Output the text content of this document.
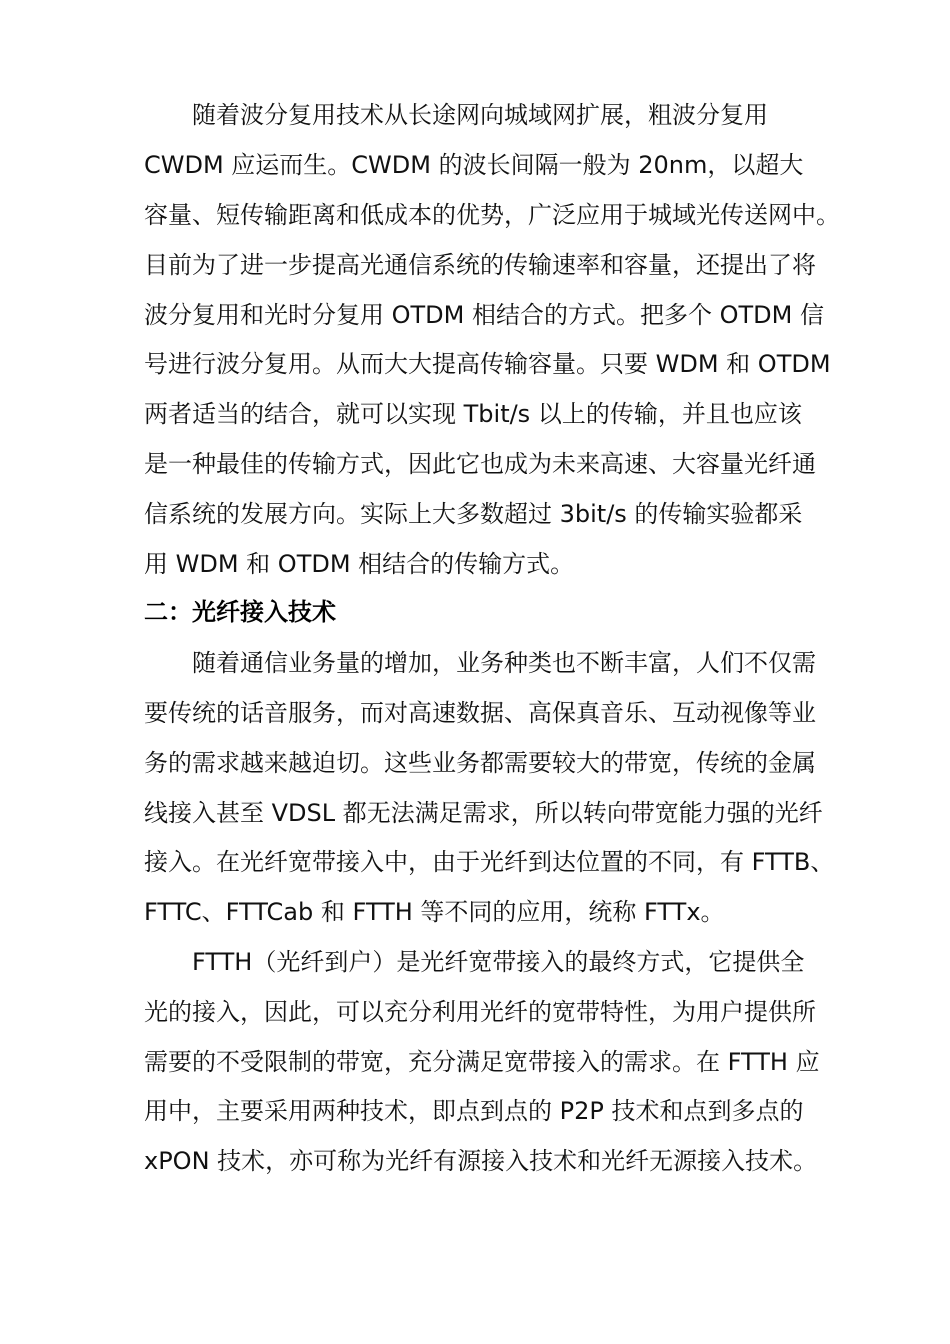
随着波分复用技术从长途网向城域网扩展，粗波分复用
CWDM 应运而生。CWDM 的波长间隔一般为 20nm，以超大
容量、短传输距离和低成本的优势，广泛应用于城域光传送网中。
目前为了进一步提高光通信系统的传输速率和容量，还提出了将
波分复用和光时分复用 OTDM 相结合的方式。把多个 OTDM 信
号进行波分复用。从而大大提高传输容量。只要 WDM 和 OTDM
两者适当的结合，就可以实现 Tbit/s 以上的传输，并且也应该
是一种最佳的传输方式，因此它也成为未来高速、大容量光纤通
信系统的发展方向。实际上大多数超过 3bit/s 的传输实验都采
用 WDM 和 OTDM 相结合的传输方式。
二：光纤接入技术
随着通信业务量的增加，业务种类也不断丰富，人们不仅需
要传统的话音服务，而对高速数据、高保真音乐、互动视像等业
务的需求越来越迫切。这些业务都需要较大的带宽，传统的金属
线接入甚至 VDSL 都无法满足需求，所以转向带宽能力强的光纤
接入。在光纤宽带接入中，由于光纤到达位置的不同，有 FTTB、
FTTC、FTTCab 和 FTTH 等不同的应用，统称 FTTx。
FTTH（光纤到户）是光纤宽带接入的最终方式，它提供全
光的接入，因此，可以充分利用光纤的宽带特性，为用户提供所
需要的不受限制的带宽，充分满足宽带接入的需求。在 FTTH 应
用中，主要采用两种技术，即点到点的 P2P 技术和点到多点的
xPON 技术，亦可称为光纤有源接入技术和光纤无源接入技术。
